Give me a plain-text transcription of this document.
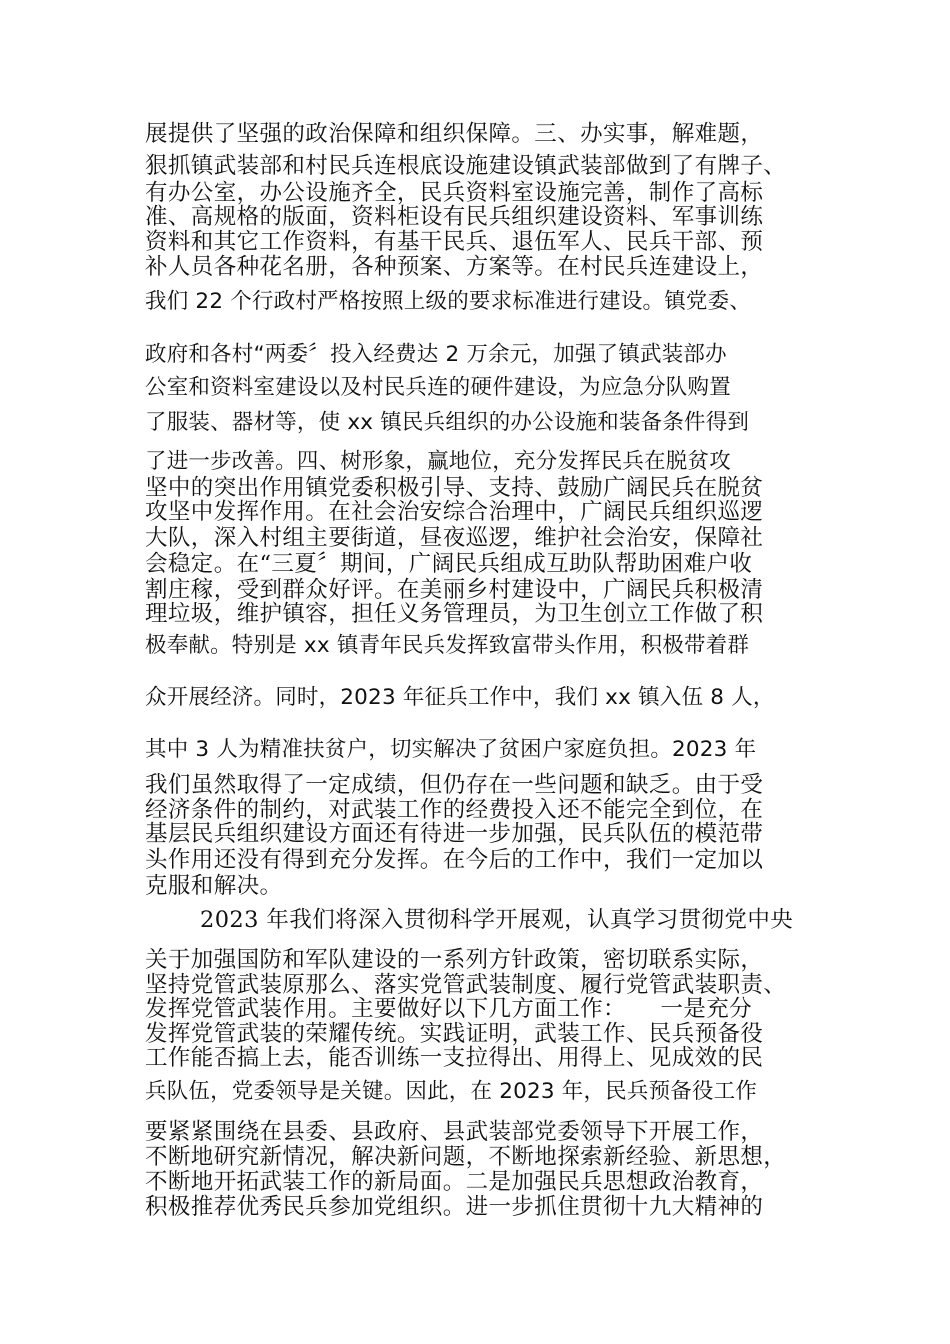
展提供了坚强的政治保障和组织保障。三、办实事，解难题，
狠抓镇武装部和村民兵连根底设施建设镇武装部做到了有牌子、
有办公室，办公设施齐全，民兵资料室设施完善，制作了高标
准、高规格的版面，资料柜设有民兵组织建设资料、军事训练
资料和其它工作资料，有基干民兵、退伍军人、民兵干部、预
补人员各种花名册，各种预案、方案等。在村民兵连建设上，
我们 22 个行政村严格按照上级的要求标准进行建设。镇党委、
政府和各村“两委〞投入经费达 2 万余元，加强了镇武装部办
公室和资料室建设以及村民兵连的硬件建设，为应急分队购置
了服装、器材等，使 xx 镇民兵组织的办公设施和装备条件得到
了进一步改善。四、树形象，赢地位，充分发挥民兵在脱贫攻
坚中的突出作用镇党委积极引导、支持、鼓励广阔民兵在脱贫
攻坚中发挥作用。在社会治安综合治理中，广阔民兵组织巡逻
大队，深入村组主要街道，昼夜巡逻，维护社会治安，保障社
会稳定。在“三夏〞期间，广阔民兵组成互助队帮助困难户收
割庄稼，受到群众好评。在美丽乡村建设中，广阔民兵积极清
理垃圾，维护镇容，担任义务管理员，为卫生创立工作做了积
极奉献。特别是 xx 镇青年民兵发挥致富带头作用，积极带着群
众开展经济。同时，2023 年征兵工作中，我们 xx 镇入伍 8 人，
其中 3 人为精准扶贫户，切实解决了贫困户家庭负担。2023 年
我们虽然取得了一定成绩，但仍存在一些问题和缺乏。由于受
经济条件的制约，对武装工作的经费投入还不能完全到位，在
基层民兵组织建设方面还有待进一步加强，民兵队伍的模范带
头作用还没有得到充分发挥。在今后的工作中，我们一定加以
克服和解决。
2023 年我们将深入贯彻科学开展观，认真学习贯彻党中央
关于加强国防和军队建设的一系列方针政策，密切联系实际，
坚持党管武装原那么、落实党管武装制度、履行党管武装职责、
发挥党管武装作用。主要做好以下几方面工作：　　一是充分
发挥党管武装的荣耀传统。实践证明，武装工作、民兵预备役
工作能否搞上去，能否训练一支拉得出、用得上、见成效的民
兵队伍，党委领导是关键。因此，在 2023 年，民兵预备役工作
要紧紧围绕在县委、县政府、县武装部党委领导下开展工作，
不断地研究新情况，解决新问题，不断地探索新经验、新思想，
不断地开拓武装工作的新局面。二是加强民兵思想政治教育，
积极推荐优秀民兵参加党组织。进一步抓住贯彻十九大精神的
